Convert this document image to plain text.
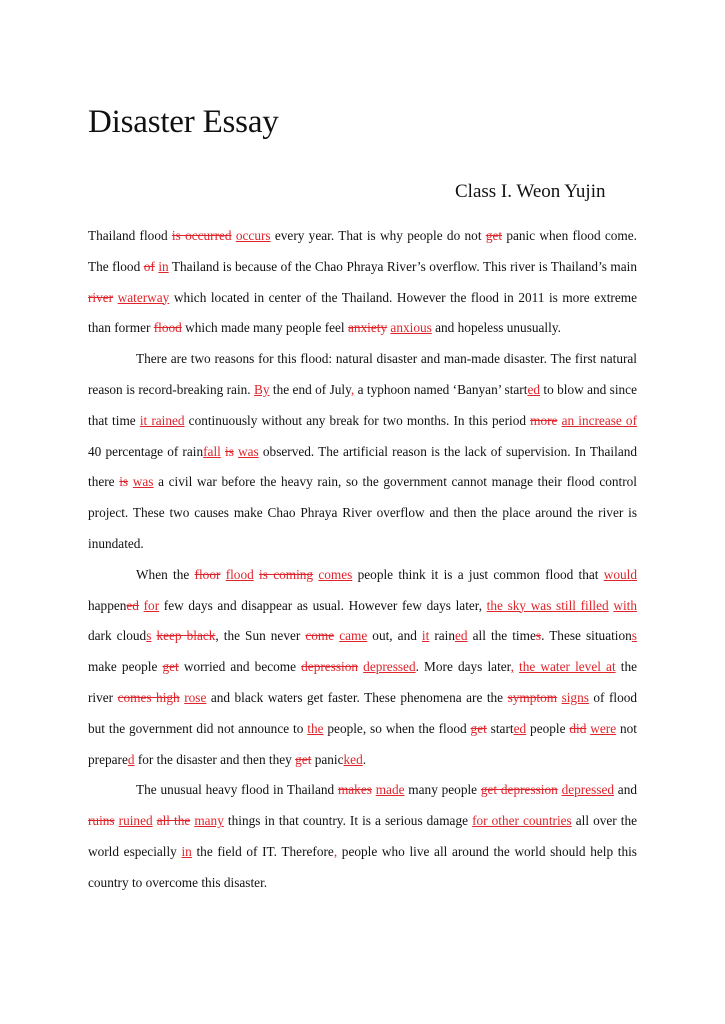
Disaster Essay
Class I. Weon Yujin

Thailand flood is occurred occurs every year. That is why people do not get panic when flood come. The flood of in Thailand is because of the Chao Phraya River’s overflow. This river is Thailand’s main river waterway which located in center of the Thailand. However the flood in 2011 is more extreme than former flood which made many people feel anxiety anxious and hopeless unusually.

There are two reasons for this flood: natural disaster and man-made disaster. The first natural reason is record-breaking rain. By the end of July, a typhoon named ‘Banyan’ started to blow and since that time it rained continuously without any break for two months. In this period more an increase of 40 percentage of rainfall is was observed. The artificial reason is the lack of supervision. In Thailand there is was a civil war before the heavy rain, so the government cannot manage their flood control project. These two causes make Chao Phraya River overflow and then the place around the river is inundated.

When the floor flood is coming comes people think it is a just common flood that would happened for few days and disappear as usual. However few days later, the sky was still filled with dark clouds keep black, the Sun never come came out, and it rained all the times. These situations make people get worried and become depression depressed. More days later, the water level at the river comes high rose and black waters get faster. These phenomena are the symptom signs of flood but the government did not announce to the people, so when the flood get started people did were not prepared for the disaster and then they get panicked.

The unusual heavy flood in Thailand makes made many people get depression depressed and ruins ruined all the many things in that country. It is a serious damage for other countries all over the world especially in the field of IT. Therefore, people who live all around the world should help this country to overcome this disaster.
